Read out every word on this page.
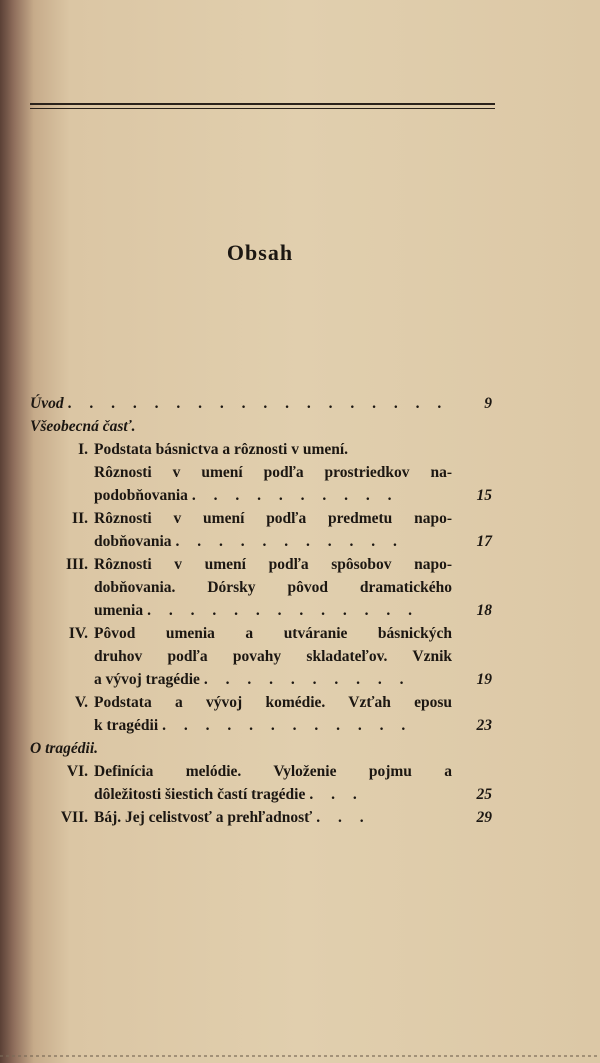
Obsah
Úvod . . . . . . . . . . . . . . . . . .	9
Všeobecná časť.
I. Podstata básnictva a rôznosti v umení.
Rôznosti v umení podľa prostriedkov na-
podobňovania . . . . . . . . . .	15
II. Rôznosti v umení podľa predmetu napo-
dobňovania . . . . . . . . . . .	17
III. Rôznosti v umení podľa spôsobov napo-
dobňovania. Dórsky pôvod dramatického
umenia . . . . . . . . . . . . .	18
IV. Pôvod umenia a utváranie básnických
druhov podľa povahy skladateľov. Vznik
a vývoj tragédie . . . . . . . . . .	19
V. Podstata a vývoj komédie. Vzťah eposu
k tragédii . . . . . . . . . . . .	23
O tragédii.
VI. Definícia melódie. Vyloženie pojmu a
dôležitosti šiestich častí tragédie . . .	25
VII. Báj. Jej celistvosť a prehľadnosť . . .	29
